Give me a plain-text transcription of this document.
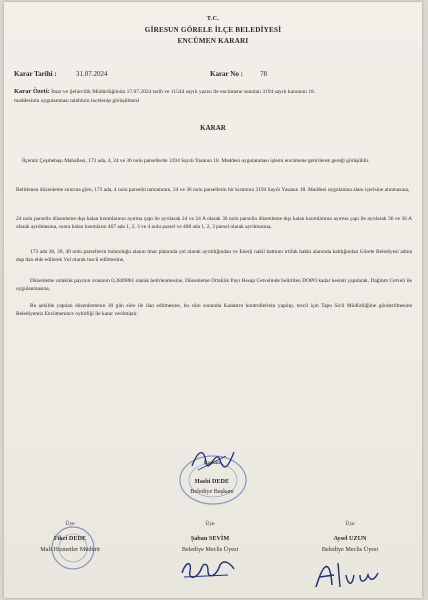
T.C.
GİRESUN GÖRELE İLÇE BELEDİYESİ
ENCÜMEN KARARI
Karar Tarihi :	31.07.2024	Karar No : 78
Karar Özeti: İmar ve Şehircilik Müdürlüğünün 17.07.2024 tarih ve 11544 sayılı yazısı ile encümene sunulan 3194 sayılı kanunun 18.
maddesinin uygulanması talebinin incelenip görüşülmesi
KARAR

İlçemiz Çeşmebaşı Mahallesi, 173 ada, 4, 24 ve 36 nolu parsellerde 3194 Sayılı Yasanın 18. Maddesi uygulanması işlemi encümene getirilerek gereği görüşüldü.

Belirlenen düzenleme sınırına göre, 173 ada, 4 nolu parselin tamamının, 24 ve 36 nolu parsellerin bir kısmının 3194 Sayılı Yasanın 18. Maddesi uygulanma alanı içerisine alınmasına,

24 nolu parselin düzenleme dışı kalan kısımlarının ayırma çapı ile ayrılarak 24 ve 24 A olarak 36 nolu parselin düzenleme dışı kalan kısımlarının ayırma çapı ile ayrılarak 36 ve 36 A olarak ayrılmasına, sonra kalan kısımların 467 ada 1, 2, 3 ve 4 nolu parsel ve 468 ada 1, 2, 3 parsel olarak ayrılmasına,

173 ada 38, 39, 40 nolu parsellerin bulunduğu alanın imar planında yol olarak ayrıldığından ve Enerji nakil hattının irtifak hakkı alanında kaldığından Görele Belediyesi adına dop dan elde edilerek Yol olarak tescil edilmesine,

Düzenleme ortaklık payının oranının 0,2849861 olarak belirlenmesine, Düzenleme Ortaklık Payı Hesap Cetvelinde belirtilen DOPO kadar kesinti yapılarak, Dağıtım Cetveli ile uygulanmasına,

Bu şekilde yapılan düzenlemenin 30 gün süre ile ilan edilmesine, bu süre sonunda Kadastro kontrollerinin yapılıp, tescil için Tapu Sicil Müdürlüğüne gönderilmesine Belediyemiz Encümenince oybirliği ile karar verilmiştir.

Başkan
Hasbi DEDE
Belediye Başkanı
Üye
Fikri DEDE
Mali Hizmetler Müdürü
Üye
Şaban SEVİM
Belediye Meclis Üyesi
Üye
Aysel UZUN
Belediye Meclis Üyesi
